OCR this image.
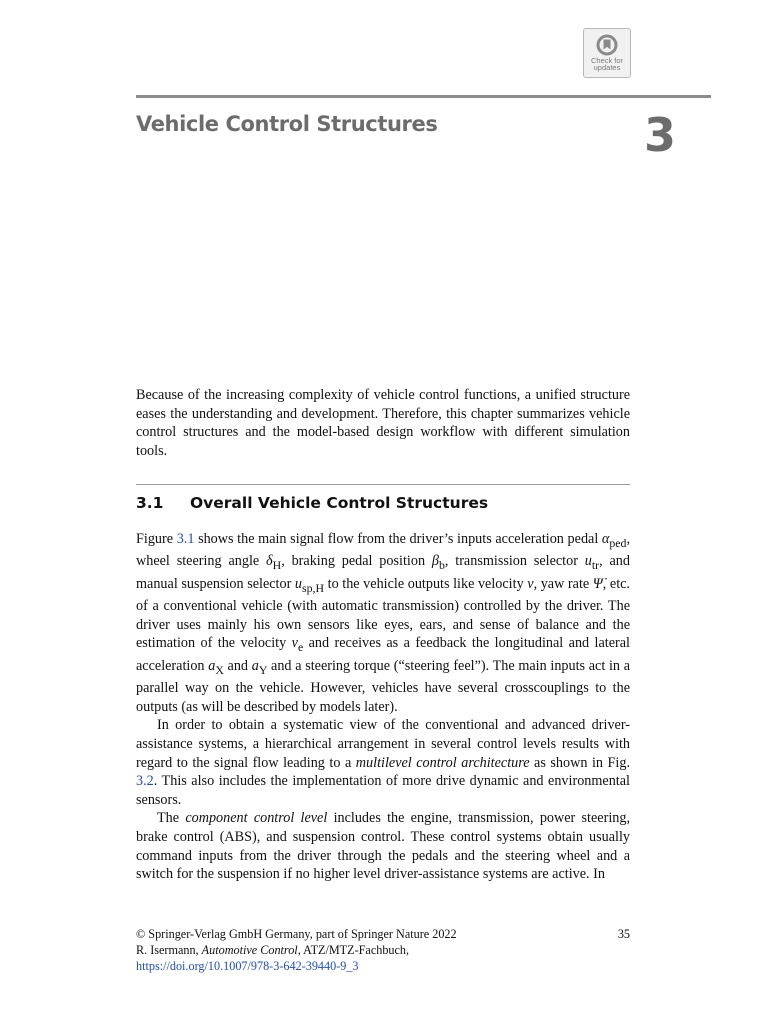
Check for
updates
Vehicle Control Structures	3

Because of the increasing complexity of vehicle control functions, a unified structure eases the understanding and development. Therefore, this chapter summarizes vehicle control structures and the model-based design workflow with different simulation tools.

3.1 Overall Vehicle Control Structures

Figure 3.1 shows the main signal flow from the driver’s inputs acceleration pedal $\alpha_{ped}$, wheel steering angle $\delta_H$, braking pedal position $\beta_b$, transmission selector $u_{tr}$, and manual suspension selector $u_{sp,H}$ to the vehicle outputs like velocity v, yaw rate Ψ̇, etc. of a conventional vehicle (with automatic transmission) controlled by the driver. The driver uses mainly his own sensors like eyes, ears, and sense of balance and the estimation of the velocity $v_e$ and receives as a feedback the longitudinal and lateral acceleration $a_X$ and $a_Y$ and a steering torque (“steering feel”). The main inputs act in a parallel way on the vehicle. However, vehicles have several crosscouplings to the outputs (as will be described by models later).

In order to obtain a systematic view of the conventional and advanced driver-assistance systems, a hierarchical arrangement in several control levels results with regard to the signal flow leading to a multilevel control architecture as shown in Fig. 3.2. This also includes the implementation of more drive dynamic and environmental sensors.

The component control level includes the engine, transmission, power steering, brake control (ABS), and suspension control. These control systems obtain usually command inputs from the driver through the pedals and the steering wheel and a switch for the suspension if no higher level driver-assistance systems are active. In

© Springer-Verlag GmbH Germany, part of Springer Nature 2022	35
R. Isermann, Automotive Control, ATZ/MTZ-Fachbuch,
https://doi.org/10.1007/978-3-642-39440-9_3
